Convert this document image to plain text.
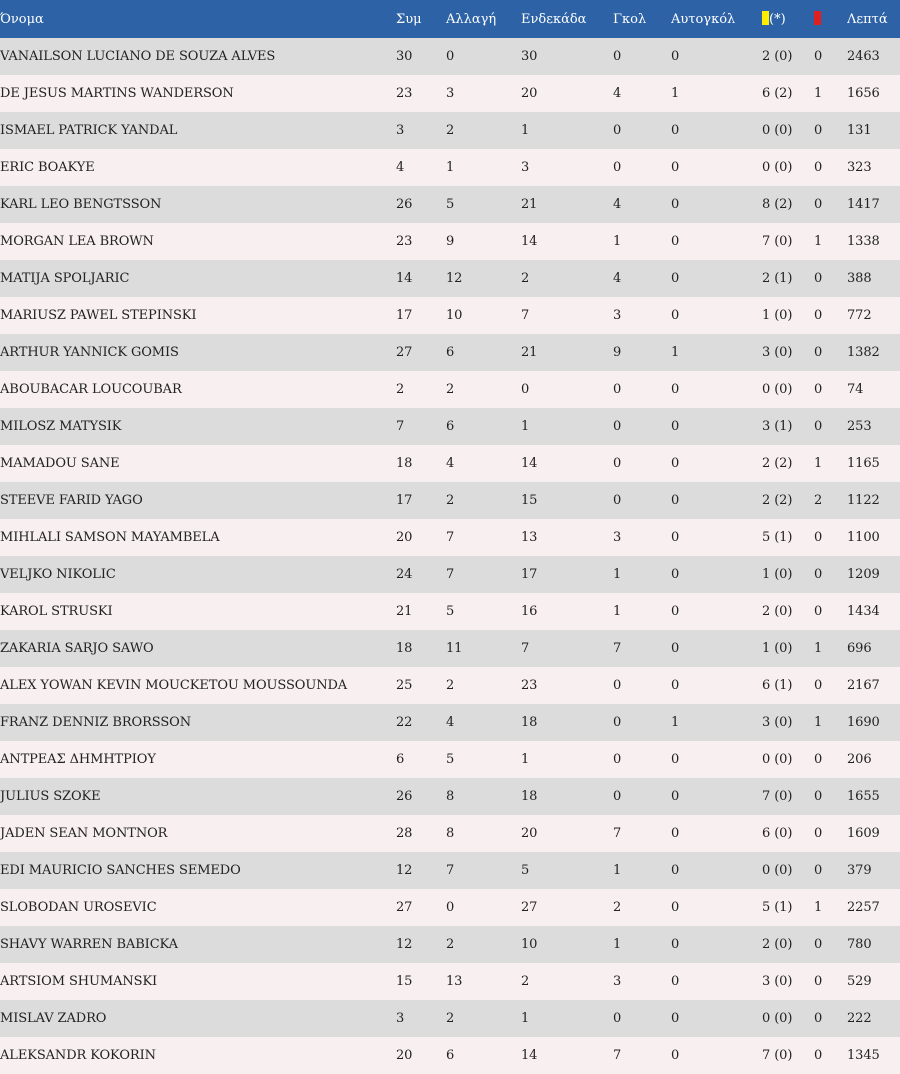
Όνομα	Συμ	Αλλαγή	Ενδεκάδα	Γκολ	Αυτογκόλ	(*)		Λεπτά
VANAILSON LUCIANO DE SOUZA ALVES	30	0	30	0	0	2 (0)	0	2463
DE JESUS MARTINS WANDERSON	23	3	20	4	1	6 (2)	1	1656
ISMAEL PATRICK YANDAL	3	2	1	0	0	0 (0)	0	131
ERIC BOAKYE	4	1	3	0	0	0 (0)	0	323
KARL LEO BENGTSSON	26	5	21	4	0	8 (2)	0	1417
MORGAN LEA BROWN	23	9	14	1	0	7 (0)	1	1338
MATIJA SPOLJARIC	14	12	2	4	0	2 (1)	0	388
MARIUSZ PAWEL STEPINSKI	17	10	7	3	0	1 (0)	0	772
ARTHUR YANNICK GOMIS	27	6	21	9	1	3 (0)	0	1382
ABOUBACAR LOUCOUBAR	2	2	0	0	0	0 (0)	0	74
MILOSZ MATYSIK	7	6	1	0	0	3 (1)	0	253
MAMADOU SANE	18	4	14	0	0	2 (2)	1	1165
STEEVE FARID YAGO	17	2	15	0	0	2 (2)	2	1122
MIHLALI SAMSON MAYAMBELA	20	7	13	3	0	5 (1)	0	1100
VELJKO NIKOLIC	24	7	17	1	0	1 (0)	0	1209
KAROL STRUSKI	21	5	16	1	0	2 (0)	0	1434
ZAKARIA SARJO SAWO	18	11	7	7	0	1 (0)	1	696
ALEX YOWAN KEVIN MOUCKETOU MOUSSOUNDA	25	2	23	0	0	6 (1)	0	2167
FRANZ DENNIZ BRORSSON	22	4	18	0	1	3 (0)	1	1690
ΑΝΤΡΕΑΣ ΔΗΜΗΤΡΙΟΥ	6	5	1	0	0	0 (0)	0	206
JULIUS SZOKE	26	8	18	0	0	7 (0)	0	1655
JADEN SEAN MONTNOR	28	8	20	7	0	6 (0)	0	1609
EDI MAURICIO SANCHES SEMEDO	12	7	5	1	0	0 (0)	0	379
SLOBODAN UROSEVIC	27	0	27	2	0	5 (1)	1	2257
SHAVY WARREN BABICKA	12	2	10	1	0	2 (0)	0	780
ARTSIOM SHUMANSKI	15	13	2	3	0	3 (0)	0	529
MISLAV ZADRO	3	2	1	0	0	0 (0)	0	222
ALEKSANDR KOKORIN	20	6	14	7	0	7 (0)	0	1345
